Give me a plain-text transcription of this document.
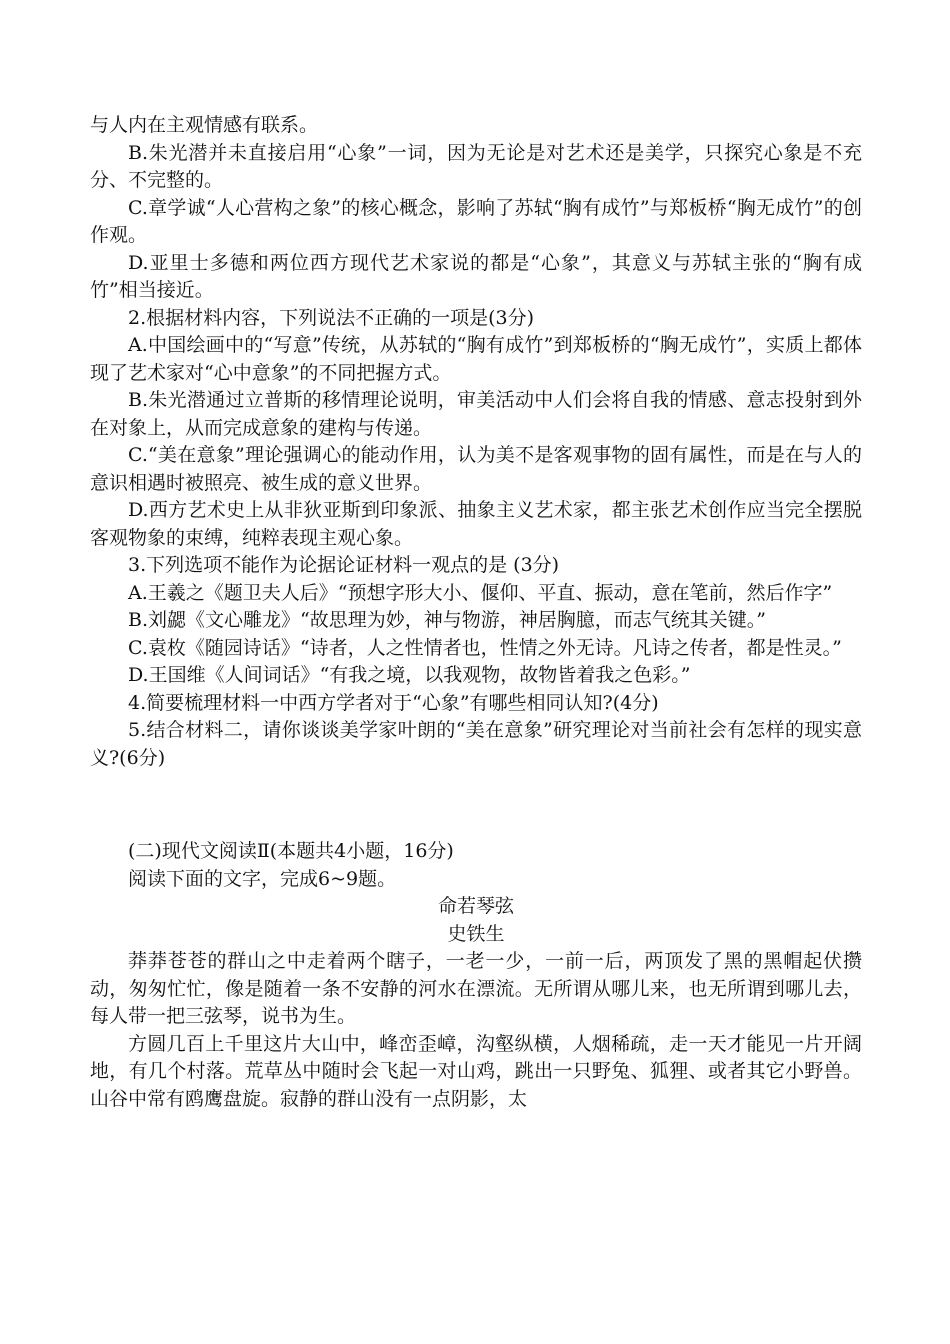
与人内在主观情感有联系。

B.朱光潜并未直接启用“心象”一词，因为无论是对艺术还是美学，只探究心象是不充分、不完整的。

C.章学诚“人心营构之象”的核心概念，影响了苏轼“胸有成竹”与郑板桥“胸无成竹”的创作观。

D.亚里士多德和两位西方现代艺术家说的都是“心象”，其意义与苏轼主张的“胸有成竹”相当接近。

2.根据材料内容，下列说法不正确的一项是(3分)

A.中国绘画中的“写意”传统，从苏轼的“胸有成竹”到郑板桥的“胸无成竹”，实质上都体现了艺术家对“心中意象”的不同把握方式。

B.朱光潜通过立普斯的移情理论说明，审美活动中人们会将自我的情感、意志投射到外在对象上，从而完成意象的建构与传递。

C.“美在意象”理论强调心的能动作用，认为美不是客观事物的固有属性，而是在与人的意识相遇时被照亮、被生成的意义世界。

D.西方艺术史上从非狄亚斯到印象派、抽象主义艺术家，都主张艺术创作应当完全摆脱客观物象的束缚，纯粹表现主观心象。

3.下列选项不能作为论据论证材料一观点的是 (3分)

A.王羲之《题卫夫人后》“预想字形大小、偃仰、平直、振动，意在笔前，然后作字”

B.刘勰《文心雕龙》“故思理为妙，神与物游，神居胸臆，而志气统其关键。”

C.袁枚《随园诗话》“诗者，人之性情者也，性情之外无诗。凡诗之传者，都是性灵。”

D.王国维《人间词话》“有我之境，以我观物，故物皆着我之色彩。”

4.简要梳理材料一中西方学者对于“心象”有哪些相同认知?(4分)

5.结合材料二，请你谈谈美学家叶朗的“美在意象”研究理论对当前社会有怎样的现实意义?(6分)

(二)现代文阅读Ⅱ(本题共4小题，16分)

阅读下面的文字，完成6~9题。

命若琴弦

史铁生

莽莽苍苍的群山之中走着两个瞎子，一老一少，一前一后，两顶发了黑的黑帽起伏攒动，匆匆忙忙，像是随着一条不安静的河水在漂流。无所谓从哪儿来，也无所谓到哪儿去，每人带一把三弦琴，说书为生。

方圆几百上千里这片大山中，峰峦歪嶂，沟壑纵横，人烟稀疏，走一天才能见一片开阔地，有几个村落。荒草丛中随时会飞起一对山鸡，跳出一只野兔、狐狸、或者其它小野兽。山谷中常有鸥鹰盘旋。寂静的群山没有一点阴影，太
